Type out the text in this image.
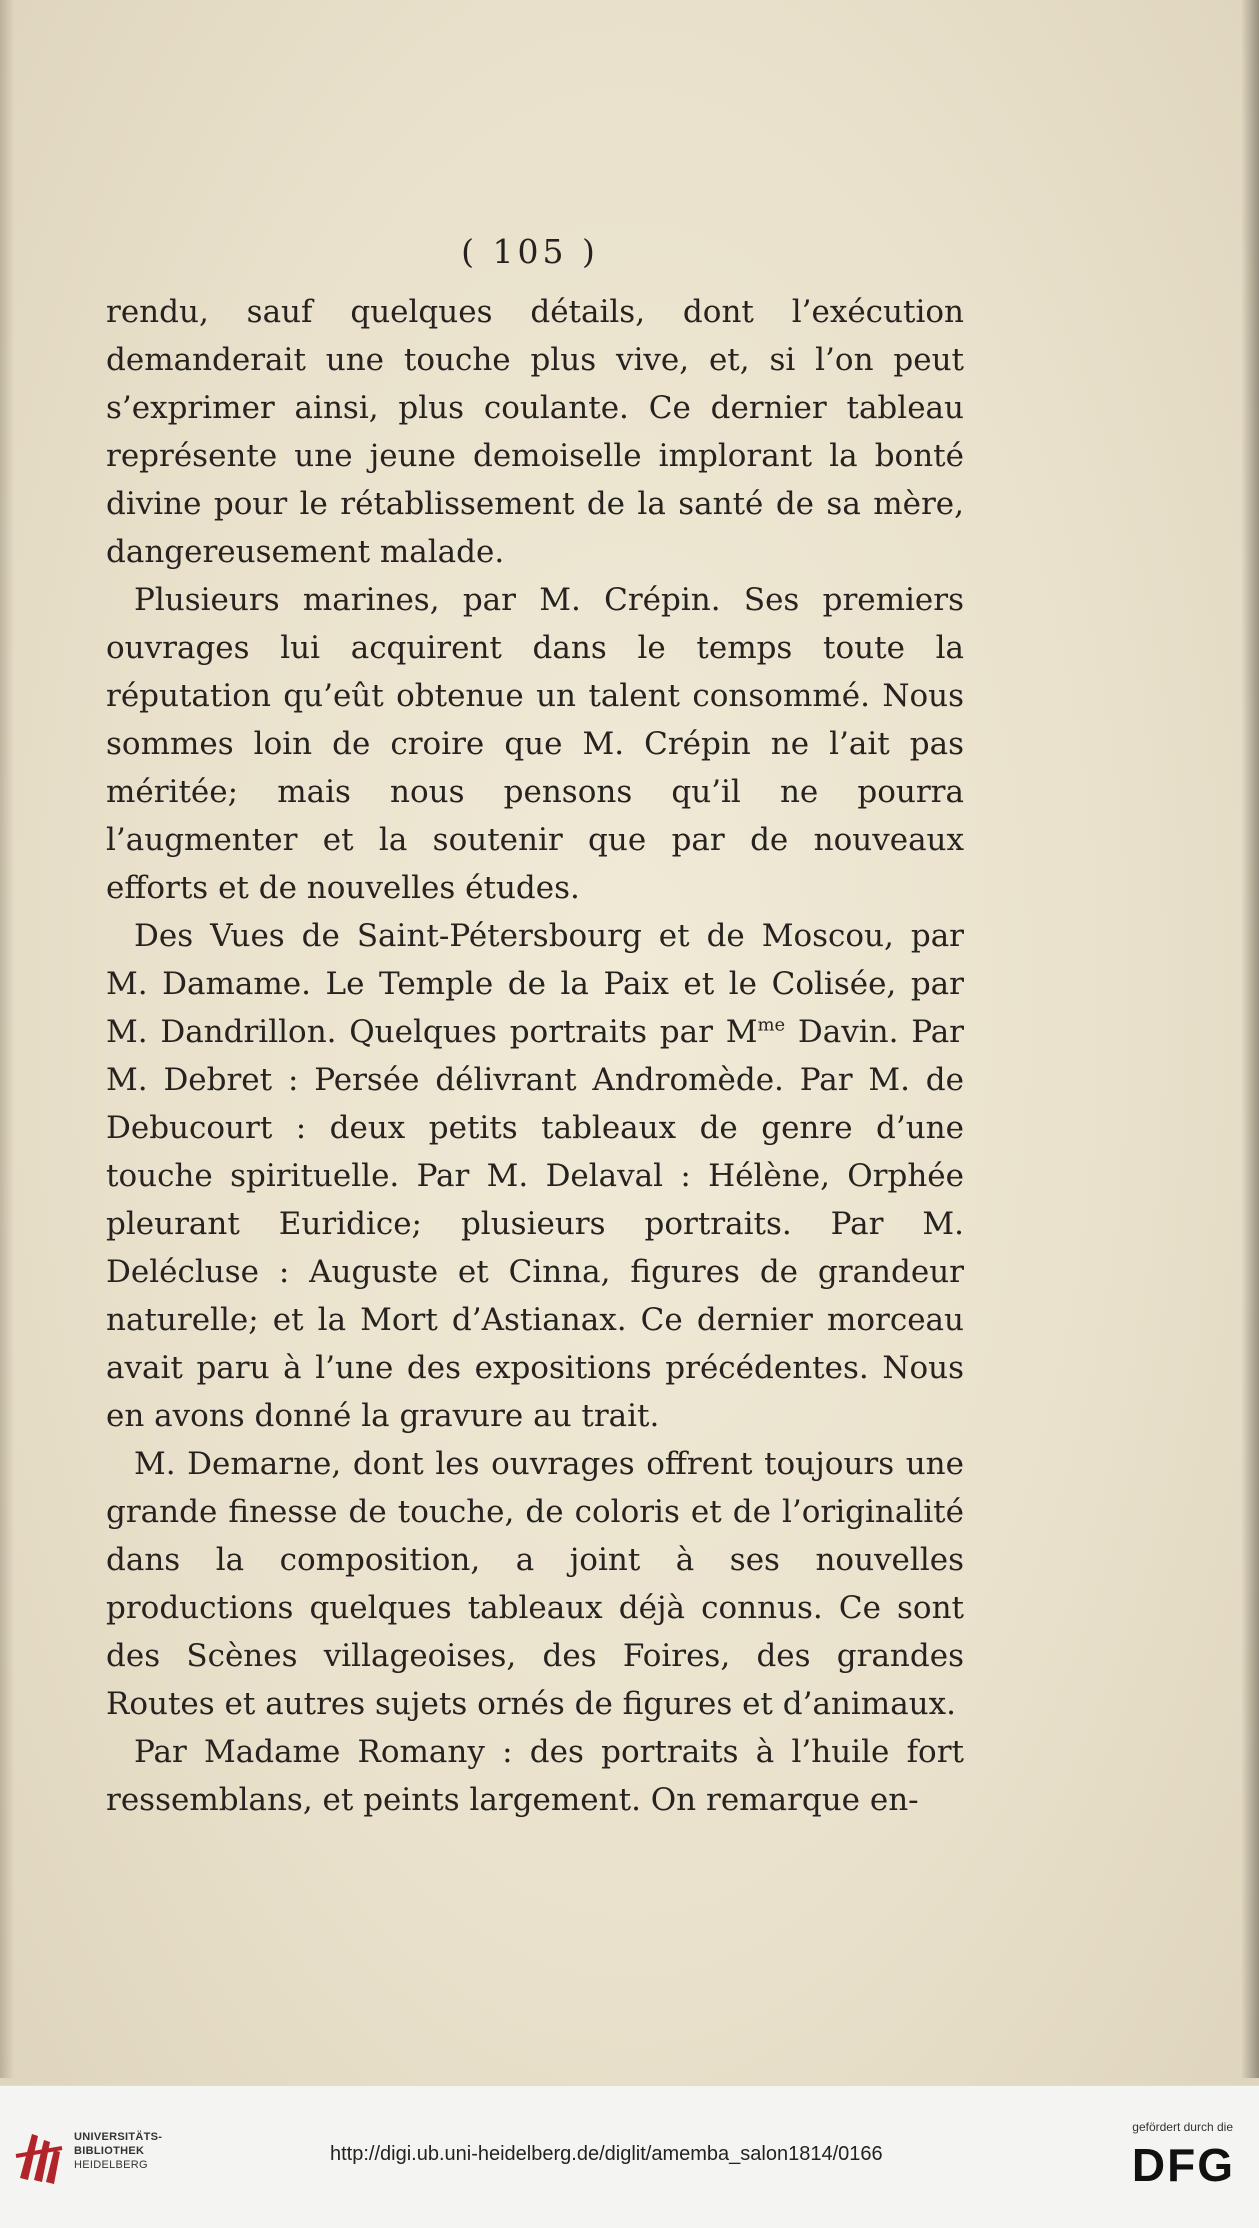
( 105 )

rendu, sauf quelques détails, dont l’exécution demanderait une touche plus vive, et, si l’on peut s’exprimer ainsi, plus coulante. Ce dernier tableau représente une jeune demoiselle implorant la bonté divine pour le rétablissement de la santé de sa mère, dangereusement malade.

Plusieurs marines, par M. Crépin. Ses premiers ouvrages lui acquirent dans le temps toute la réputation qu’eût obtenue un talent consommé. Nous sommes loin de croire que M. Crépin ne l’ait pas méritée; mais nous pensons qu’il ne pourra l’augmenter et la soutenir que par de nouveaux efforts et de nouvelles études.

Des Vues de Saint-Pétersbourg et de Moscou, par M. Damame. Le Temple de la Paix et le Colisée, par M. Dandrillon. Quelques portraits par $M^{me}$ Davin. Par M. Debret : Persée délivrant Andromède. Par M. de Debucourt : deux petits tableaux de genre d’une touche spirituelle. Par M. Delaval : Hélène, Orphée pleurant Euridice; plusieurs portraits. Par M. Delécluse : Auguste et Cinna, figures de grandeur naturelle; et la Mort d’Astianax. Ce dernier morceau avait paru à l’une des expositions précédentes. Nous en avons donné la gravure au trait.

M. Demarne, dont les ouvrages offrent toujours une grande finesse de touche, de coloris et de l’originalité dans la composition, a joint à ses nouvelles productions quelques tableaux déjà connus. Ce sont des Scènes villageoises, des Foires, des grandes Routes et autres sujets ornés de figures et d’animaux.

Par Madame Romany : des portraits à l’huile fort ressemblans, et peints largement. On remarque en-

UNIVERSITÄTS-
BIBLIOTHEK
HEIDELBERG	http://digi.ub.uni-heidelberg.de/diglit/amemba_salon1814/0166
gefördert durch die
DFG
